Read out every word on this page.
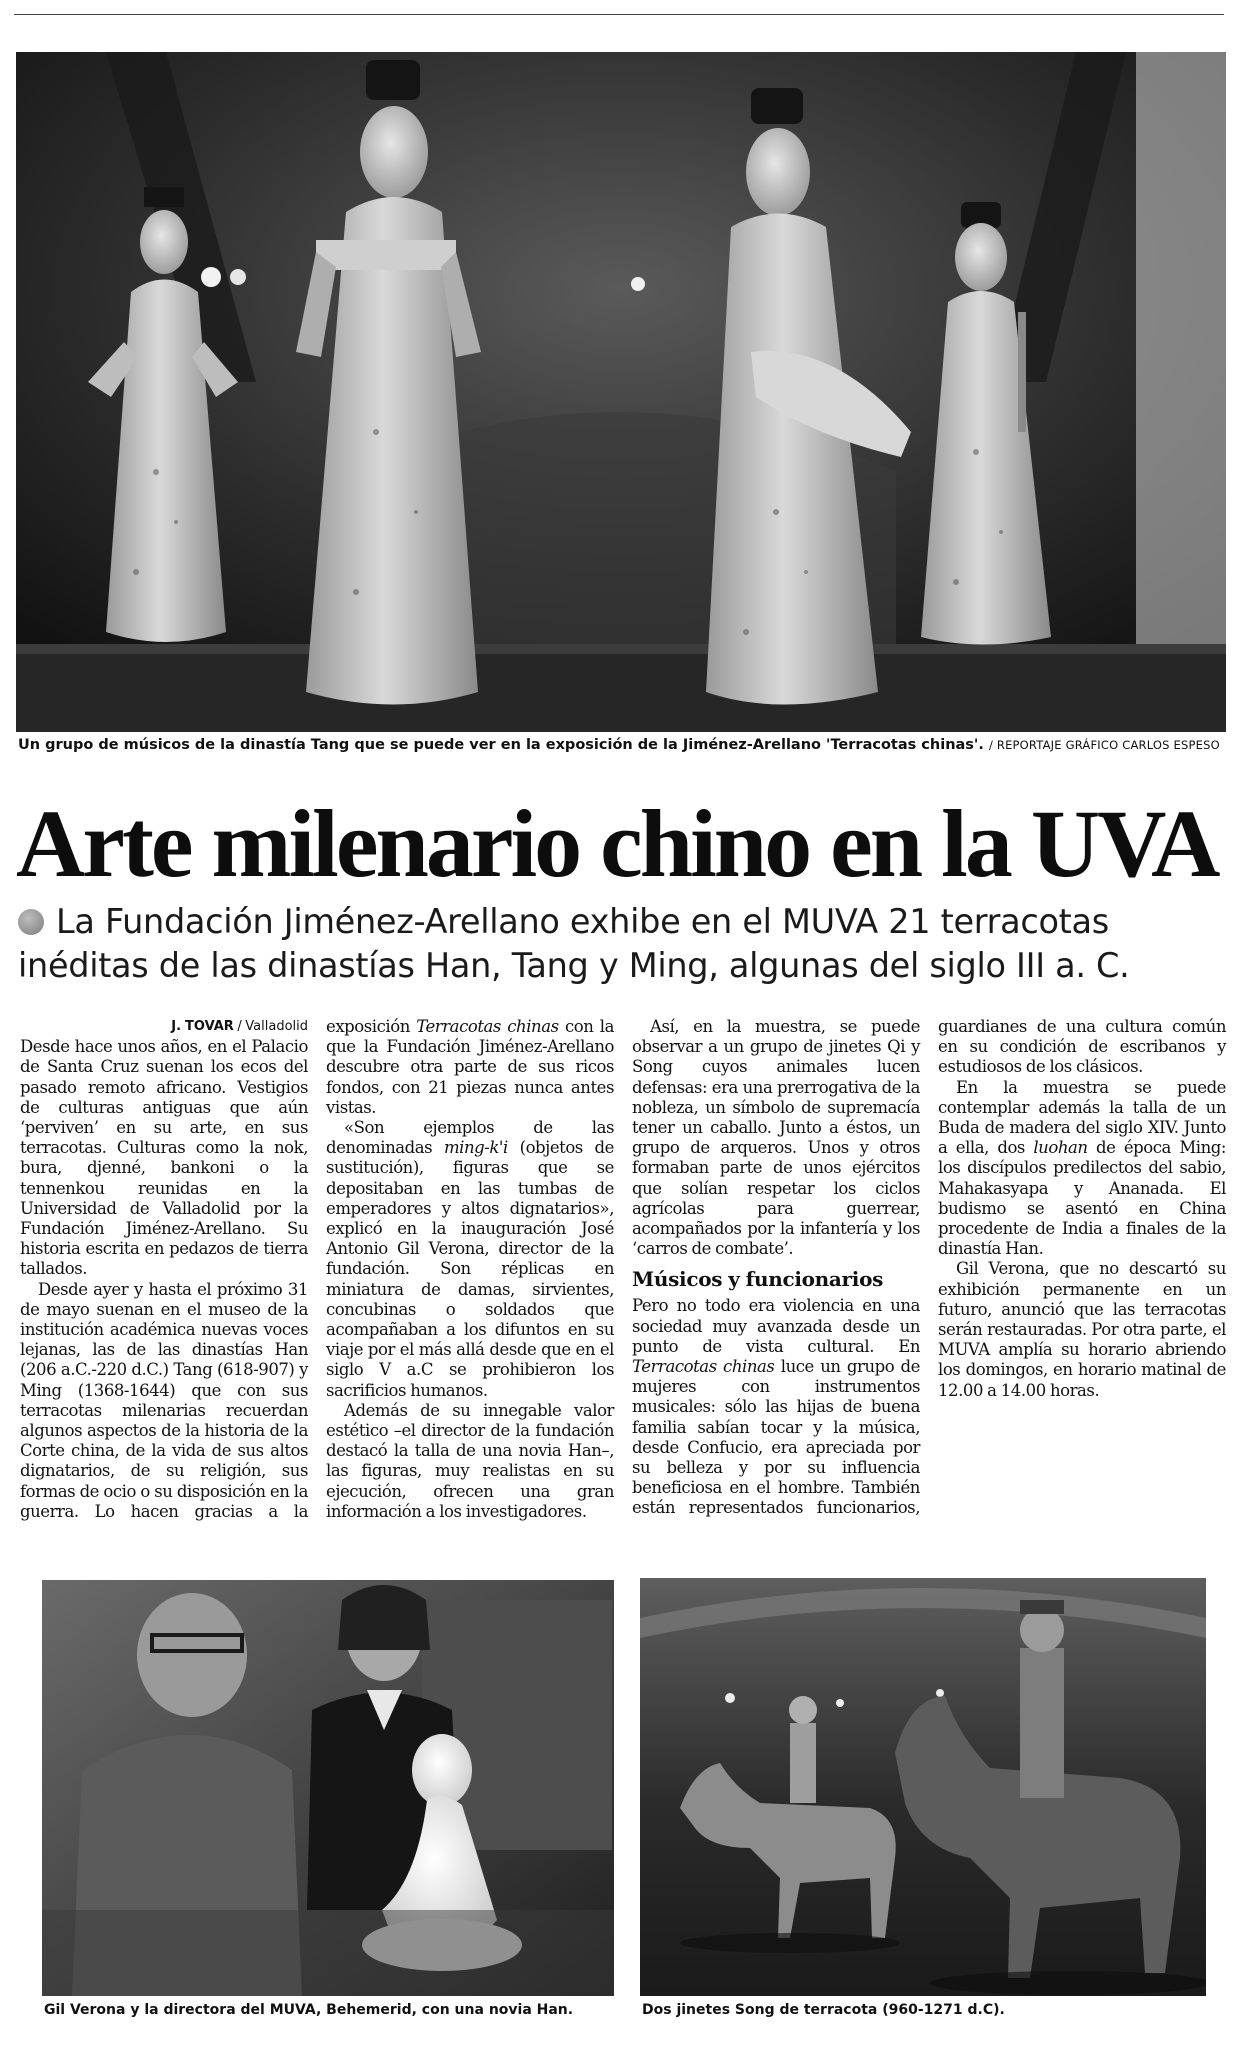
Un grupo de músicos de la dinastía Tang que se puede ver en la exposición de la Jiménez-Arellano 'Terracotas chinas'. / REPORTAJE GRÁFICO CARLOS ESPESO
Arte milenario chino en la UVA

La Fundación Jiménez-Arellano exhibe en el MUVA 21 terracotas inéditas de las dinastías Han, Tang y Ming, algunas del siglo III a. C.

J. TOVAR / Valladolid

Desde hace unos años, en el Palacio de Santa Cruz suenan los ecos del pasado remoto africano. Vestigios de culturas antiguas que aún ‘perviven’ en su arte, en sus terracotas. Culturas como la nok, bura, djenné, bankoni o la tennenkou reunidas en la Universidad de Valladolid por la Fundación Jiménez-Arellano. Su historia escrita en pedazos de tierra tallados.

Desde ayer y hasta el próximo 31 de mayo suenan en el museo de la institución académica nuevas voces lejanas, las de las dinastías Han (206 a.C.-220 d.C.) Tang (618-907) y Ming (1368-1644) que con sus terracotas milenarias recuerdan algunos aspectos de la historia de la Corte china, de la vida de sus altos dignatarios, de su religión, sus formas de ocio o su disposición en la guerra. Lo hacen gracias a la exposición Terracotas chinas con la que la Fundación Jiménez-Arellano descubre otra parte de sus ricos fondos, con 21 piezas nunca antes vistas.

«Son ejemplos de las denominadas ming-k'i (objetos de sustitución), figuras que se depositaban en las tumbas de emperadores y altos dignatarios», explicó en la inauguración José Antonio Gil Verona, director de la fundación. Son réplicas en miniatura de damas, sirvientes, concubinas o soldados que acompañaban a los difuntos en su viaje por el más allá desde que en el siglo V a.C se prohibieron los sacrificios humanos.

Además de su innegable valor estético –el director de la fundación destacó la talla de una novia Han–, las figuras, muy realistas en su ejecución, ofrecen una gran información a los investigadores.

Así, en la muestra, se puede observar a un grupo de jinetes Qi y Song cuyos animales lucen defensas: era una prerrogativa de la nobleza, un símbolo de supremacía tener un caballo. Junto a éstos, un grupo de arqueros. Unos y otros formaban parte de unos ejércitos que solían respetar los ciclos agrícolas para guerrear, acompañados por la infantería y los ‘carros de combate’.

Músicos y funcionarios

Pero no todo era violencia en una sociedad muy avanzada desde un punto de vista cultural. En Terracotas chinas luce un grupo de mujeres con instrumentos musicales: sólo las hijas de buena familia sabían tocar y la música, desde Confucio, era apreciada por su belleza y por su influencia beneficiosa en el hombre. También están representados funcionarios, guardianes de una cultura común en su condición de escribanos y estudiosos de los clásicos.

En la muestra se puede contemplar además la talla de un Buda de madera del siglo XIV. Junto a ella, dos luohan de época Ming: los discípulos predilectos del sabio, Mahakasyapa y Ananada. El budismo se asentó en China procedente de India a finales de la dinastía Han.

Gil Verona, que no descartó su exhibición permanente en un futuro, anunció que las terracotas serán restauradas. Por otra parte, el MUVA amplía su horario abriendo los domingos, en horario matinal de 12.00 a 14.00 horas.

Gil Verona y la directora del MUVA, Behemerid, con una novia Han.	Dos jinetes Song de terracota (960-1271 d.C).
